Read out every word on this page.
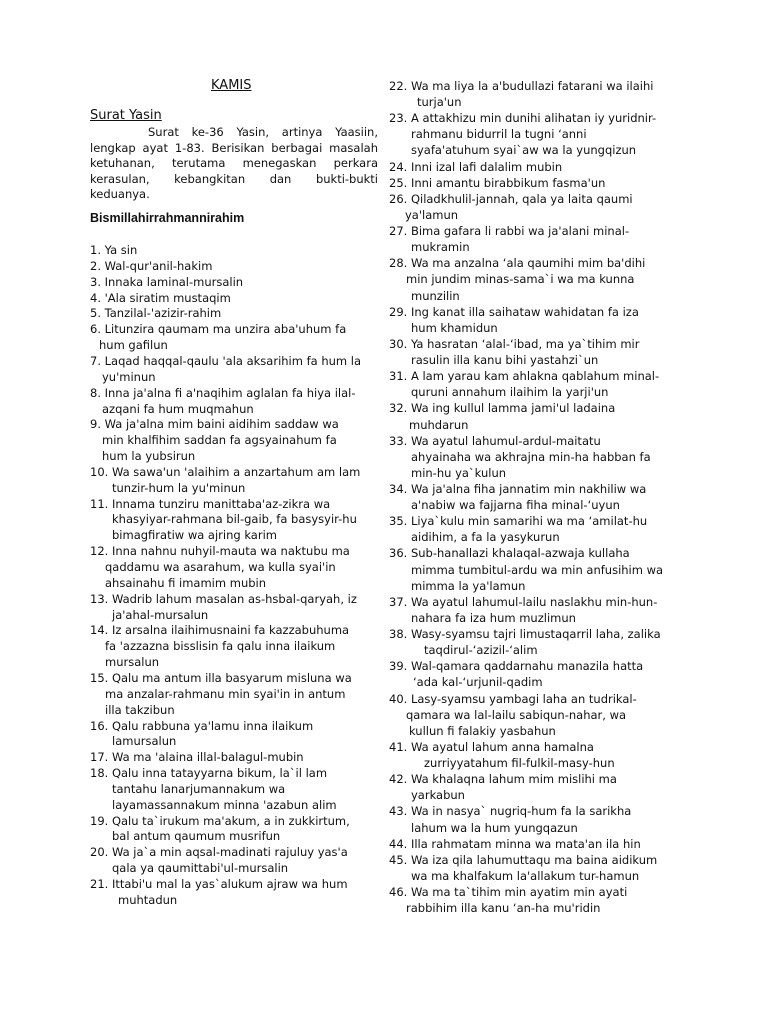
KAMIS
Surat Yasin
Surat ke-36 Yasin, artinya Yaasiin, lengkap ayat 1-83. Berisikan berbagai masalah ketuhanan, terutama menegaskan perkara kerasulan, kebangkitan dan bukti-bukti keduanya.
Bismillahirrahmannirahim
1. Ya sin
2. Wal-qur'anil-hakim
3. Innaka laminal-mursalin
4. 'Ala siratim mustaqim
5. Tanzilal-'azizir-rahim
6. Litunzira qaumam ma unzira aba'uhum fa
hum gafilun
7. Laqad haqqal-qaulu 'ala aksarihim fa hum la
yu'minun
8. Inna ja'alna fi a'naqihim aglalan fa hiya ilal-
azqani fa hum muqmahun
9. Wa ja'alna mim baini aidihim saddaw wa
min khalfihim saddan fa agsyainahum fa
hum la yubsirun
10. Wa sawa'un 'alaihim a anzartahum am lam
tunzir-hum la yu'minun
11. Innama tunziru manittaba'az-zikra wa
khasyiyar-rahmana bil-gaib, fa basysyir-hu
bimagfiratiw wa ajring karim
12. Inna nahnu nuhyil-mauta wa naktubu ma
qaddamu wa asarahum, wa kulla syai'in
ahsainahu fi imamim mubin
13. Wadrib lahum masalan as-hsbal-qaryah, iz
ja'ahal-mursalun
14. Iz arsalna ilaihimusnaini fa kazzabuhuma
fa 'azzazna bisslisin fa qalu inna ilaikum
mursalun
15. Qalu ma antum illa basyarum misluna wa
ma anzalar-rahmanu min syai'in in antum
illa takzibun
16. Qalu rabbuna ya'lamu inna ilaikum
lamursalun
17. Wa ma 'alaina illal-balagul-mubin
18. Qalu inna tatayyarna bikum, la`il lam
tantahu lanarjumannakum wa
layamassannakum minna 'azabun alim
19. Qalu ta`irukum ma'akum, a in zukkirtum,
bal antum qaumum musrifun
20. Wa ja`a min aqsal-madinati rajuluy yas'a
qala ya qaumittabi'ul-mursalin
21. Ittabi'u mal la yas`alukum ajraw wa hum
muhtadun
22. Wa ma liya la a'budullazi fatarani wa ilaihi
turja'un
23. A attakhizu min dunihi alihatan iy yuridnir-
rahmanu bidurril la tugni ‘anni
syafa'atuhum syai`aw wa la yungqizun
24. Inni izal lafi dalalim mubin
25. Inni amantu birabbikum fasma'un
26. Qiladkhulil-jannah, qala ya laita qaumi
ya'lamun
27. Bima gafara li rabbi wa ja'alani minal-
mukramin
28. Wa ma anzalna ‘ala qaumihi mim ba'dihi
min jundim minas-sama`i wa ma kunna
munzilin
29. Ing kanat illa saihataw wahidatan fa iza
hum khamidun
30. Ya hasratan ‘alal-‘ibad, ma ya`tihim mir
rasulin illa kanu bihi yastahzi`un
31. A lam yarau kam ahlakna qablahum minal-
quruni annahum ilaihim la yarji'un
32. Wa ing kullul lamma jami'ul ladaina
muhdarun
33. Wa ayatul lahumul-ardul-maitatu
ahyainaha wa akhrajna min-ha habban fa
min-hu ya`kulun
34. Wa ja'alna fiha jannatim min nakhiliw wa
a'nabiw wa fajjarna fiha minal-‘uyun
35. Liya`kulu min samarihi wa ma ‘amilat-hu
aidihim, a fa la yasykurun
36. Sub-hanallazi khalaqal-azwaja kullaha
mimma tumbitul-ardu wa min anfusihim wa
mimma la ya'lamun
37. Wa ayatul lahumul-lailu naslakhu min-hun-
nahara fa iza hum muzlimun
38. Wasy-syamsu tajri limustaqarril laha, zalika
taqdirul-‘azizil-‘alim
39. Wal-qamara qaddarnahu manazila hatta
‘ada kal-‘urjunil-qadim
40. Lasy-syamsu yambagi laha an tudrikal-
qamara wa lal-lailu sabiqun-nahar, wa
kullun fi falakiy yasbahun
41. Wa ayatul lahum anna hamalna
zurriyyatahum fil-fulkil-masy-hun
42. Wa khalaqna lahum mim mislihi ma
yarkabun
43. Wa in nasya` nugriq-hum fa la sarikha
lahum wa la hum yungqazun
44. Illa rahmatam minna wa mata'an ila hin
45. Wa iza qila lahumuttaqu ma baina aidikum
wa ma khalfakum la'allakum tur-hamun
46. Wa ma ta`tihim min ayatim min ayati
rabbihim illa kanu ‘an-ha mu'ridin
